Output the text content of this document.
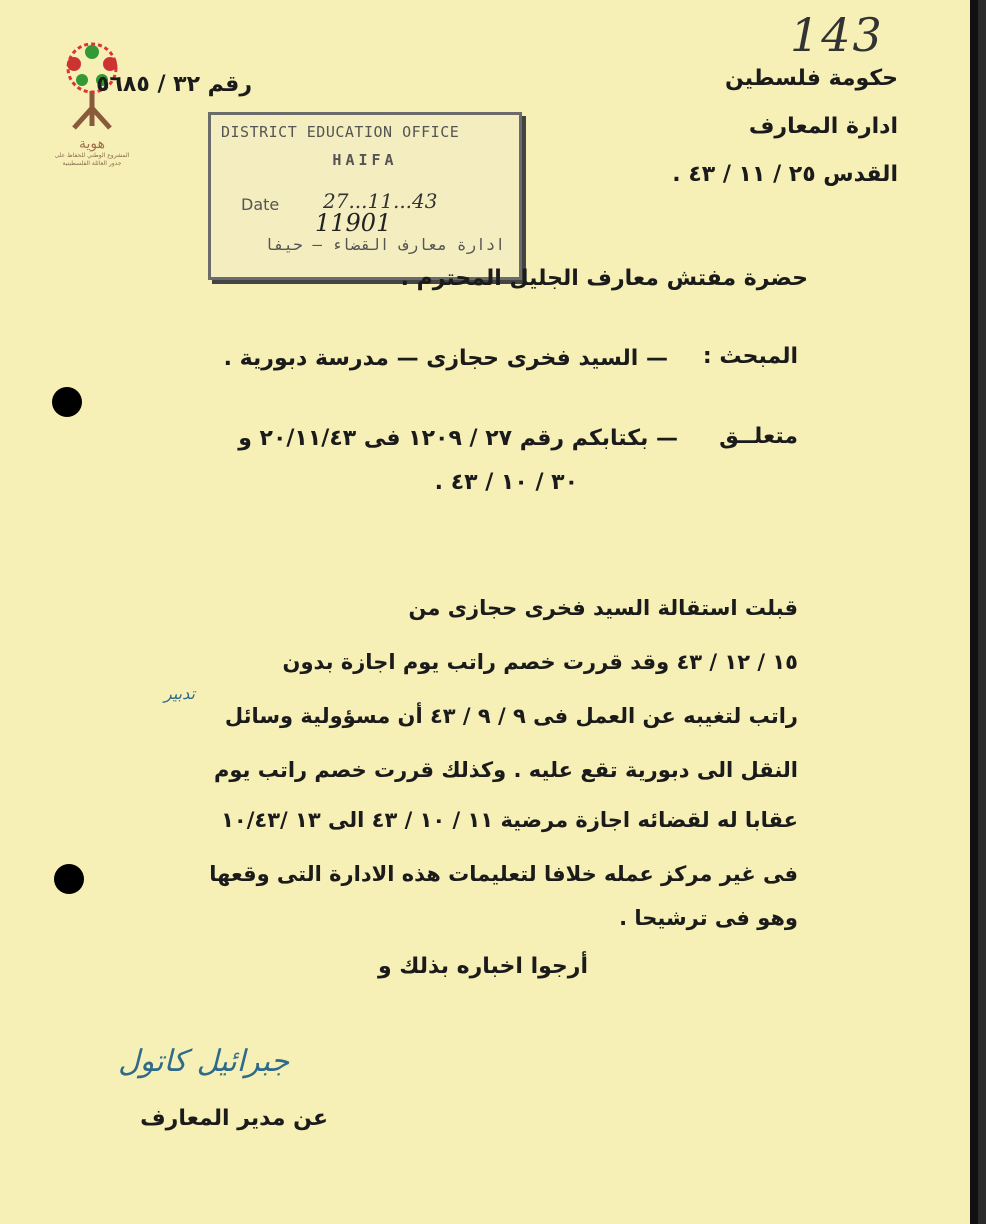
143
هوية
المشروع الوطني للحفاظ على جذور العائلة الفلسطينية
رقم ٣٢ / ٥٦٨٥	حكومة فلسطين
ادارة المعارف
القدس ٢٥ / ١١ / ٤٣ .
DISTRICT EDUCATION OFFICE
HAIFA
Date 27...11...43
11901
ادارة معارف القضاء — حيفا
حضرة مفتش معارف الجليل المحترم .
المبحث :
— السيد فخرى حجازى — مدرسة دبورية .
متعلــق
— بكتابكم رقم ٢٧ / ١٢٠٩ فى ٢٠/١١/٤٣ و
٣٠ / ١٠ / ٤٣ .
قبلت استقالة السيد فخرى حجازى من
١٥ / ١٢ / ٤٣ وقد قررت خصم راتب يوم اجازة بدون
راتب لتغيبه عن العمل فى ٩ / ٩ / ٤٣ أن مسؤولية وسائل
تدبير
النقل الى دبورية تقع عليه . وكذلك قررت خصم راتب يوم
عقابا له لقضائه اجازة مرضية ١١ / ١٠ / ٤٣ الى ١٣ /١٠/٤٣
فى غير مركز عمله خلافا لتعليمات هذه الادارة التى وقعها
وهو فى ترشيحا .
أرجوا اخباره بذلك و
جبرائيل كاتول
عن مدير المعارف
